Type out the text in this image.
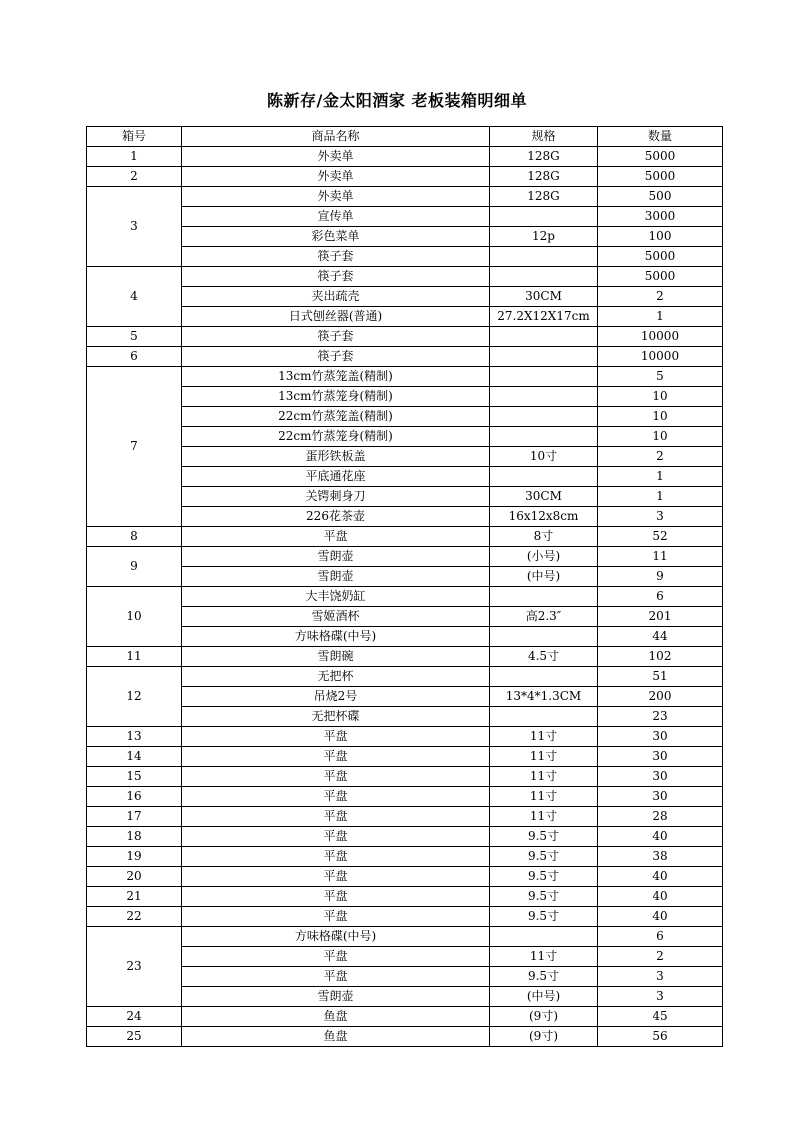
陈新存/金太阳酒家 老板装箱明细单
箱号	商品名称	规格	数量
1	外卖单	128G	5000
2	外卖单	128G	5000
3	外卖单	128G	500
	宣传单		3000
	彩色菜单	12p	100
	筷子套		5000
4	筷子套		5000
	夹出疏壳	30CM	2
	日式刨丝器(普通)	27.2X12X17cm	1
5	筷子套		10000
6	筷子套		10000
7	13cm竹蒸笼盖(精制)		5
	13cm竹蒸笼身(精制)		10
	22cm竹蒸笼盖(精制)		10
	22cm竹蒸笼身(精制)		10
	蛋形铁板盖	10寸	2
	平底通花座		1
	关锷刺身刀	30CM	1
	226花茶壶	16x12x8cm	3
8	平盘	8寸	52
9	雪朗壶	(小号)	11
	雪朗壶	(中号)	9
10	大丰饶奶缸		6
	雪姬酒杯	高2.3″	201
	方味格碟(中号)		44
11	雪朗碗	4.5寸	102
12	无把杯		51
	吊烧2号	13*4*1.3CM	200
	无把杯碟		23
13	平盘	11寸	30
14	平盘	11寸	30
15	平盘	11寸	30
16	平盘	11寸	30
17	平盘	11寸	28
18	平盘	9.5寸	40
19	平盘	9.5寸	38
20	平盘	9.5寸	40
21	平盘	9.5寸	40
22	平盘	9.5寸	40
23	方味格碟(中号)		6
	平盘	11寸	2
	平盘	9.5寸	3
	雪朗壶	(中号)	3
24	鱼盘	(9寸)	45
25	鱼盘	(9寸)	56
